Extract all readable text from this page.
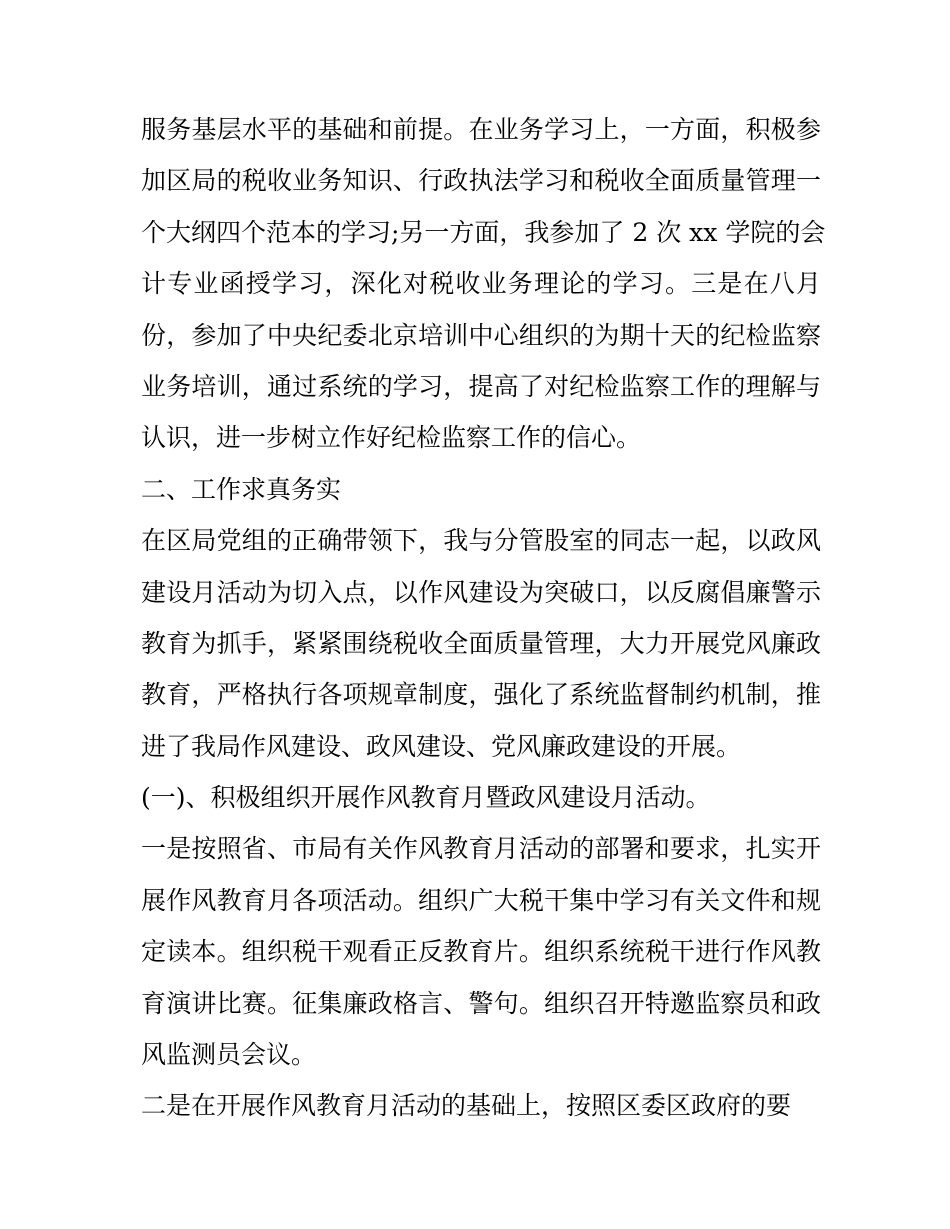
服务基层水平的基础和前提。在业务学习上，一方面，积极参
加区局的税收业务知识、行政执法学习和税收全面质量管理一
个大纲四个范本的学习;另一方面，我参加了 2 次 xx 学院的会
计专业函授学习，深化对税收业务理论的学习。三是在八月
份，参加了中央纪委北京培训中心组织的为期十天的纪检监察
业务培训，通过系统的学习，提高了对纪检监察工作的理解与
认识，进一步树立作好纪检监察工作的信心。
二、工作求真务实
在区局党组的正确带领下，我与分管股室的同志一起，以政风
建设月活动为切入点，以作风建设为突破口，以反腐倡廉警示
教育为抓手，紧紧围绕税收全面质量管理，大力开展党风廉政
教育，严格执行各项规章制度，强化了系统监督制约机制，推
进了我局作风建设、政风建设、党风廉政建设的开展。
(一)、积极组织开展作风教育月暨政风建设月活动。
一是按照省、市局有关作风教育月活动的部署和要求，扎实开
展作风教育月各项活动。组织广大税干集中学习有关文件和规
定读本。组织税干观看正反教育片。组织系统税干进行作风教
育演讲比赛。征集廉政格言、警句。组织召开特邀监察员和政
风监测员会议。
二是在开展作风教育月活动的基础上，按照区委区政府的要
